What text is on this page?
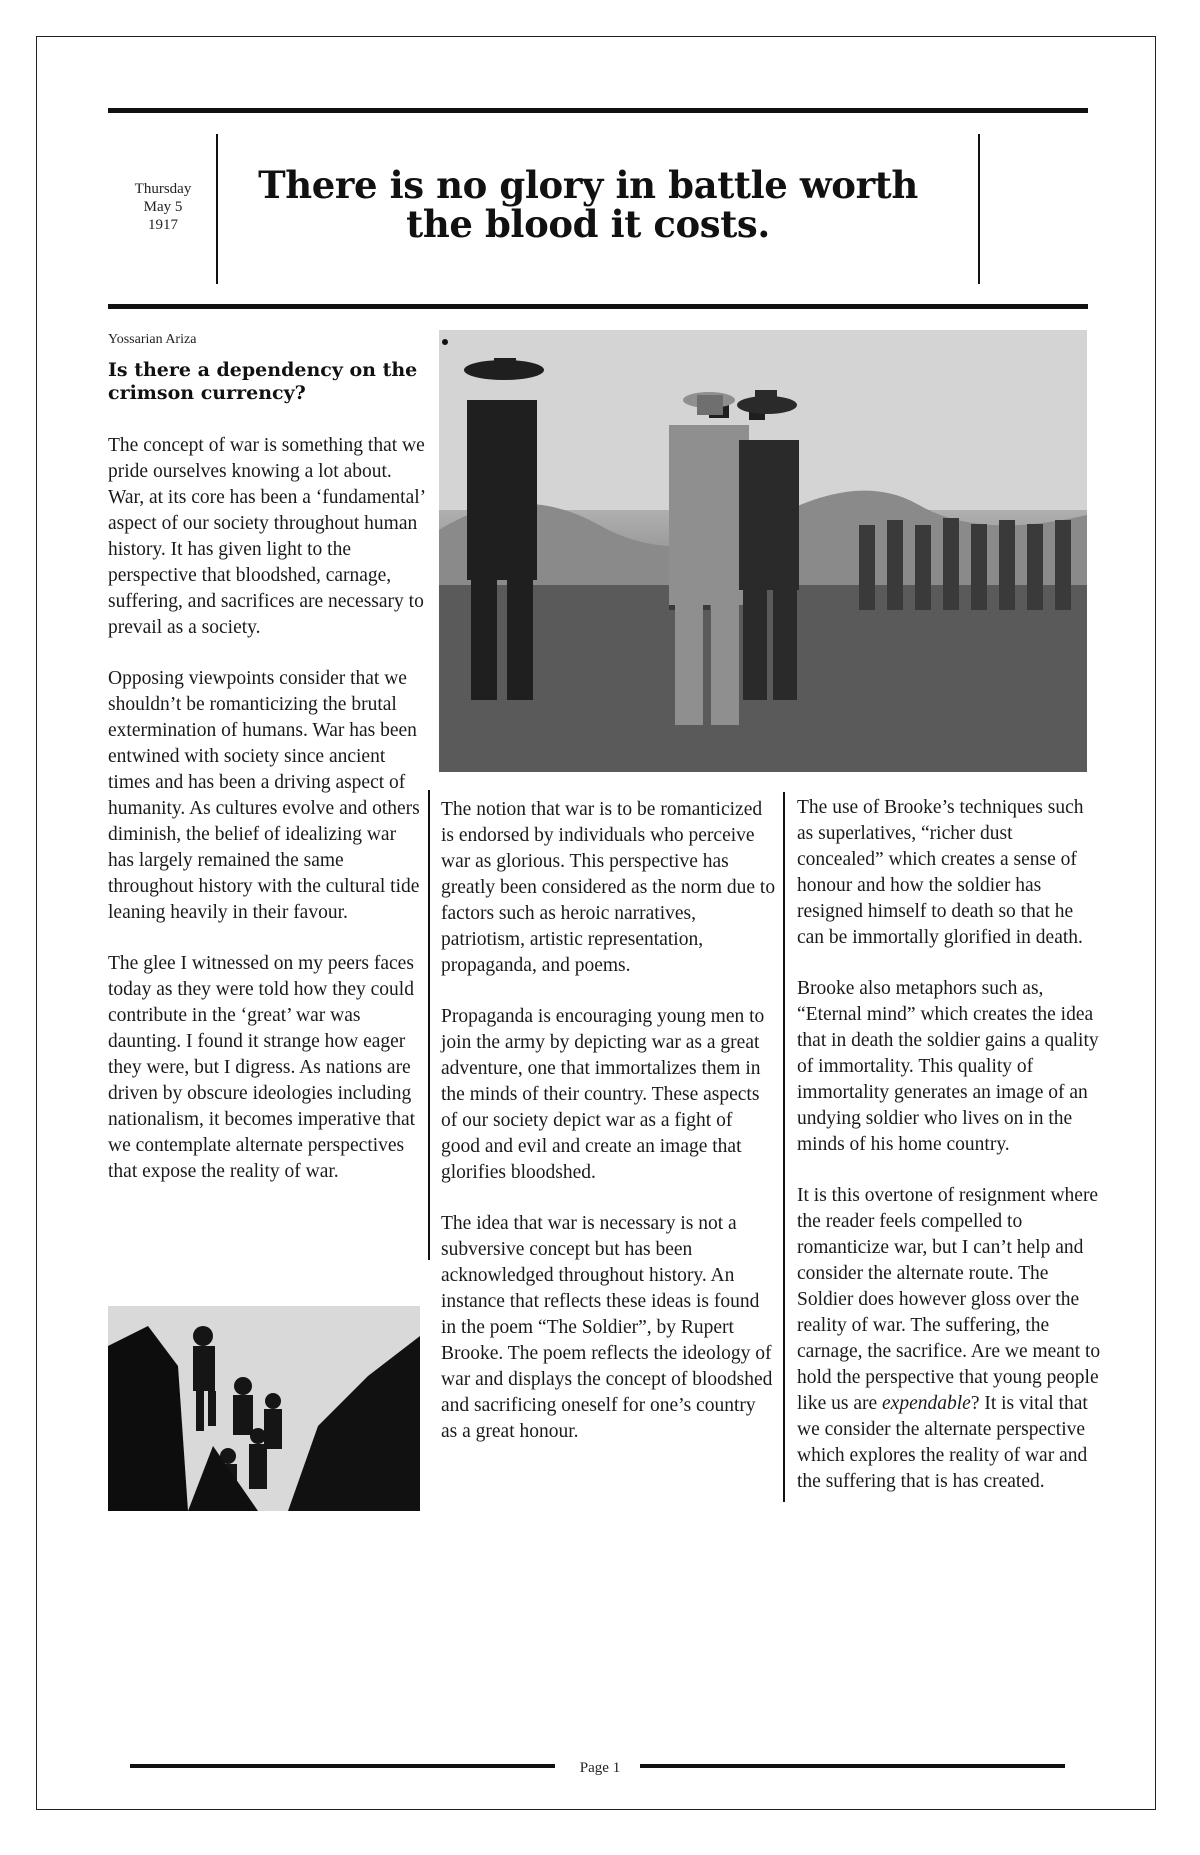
Thursday
May 5
1917
There is no glory in battle worth the blood it costs.
Yossarian Ariza
Is there a dependency on the crimson currency?

The concept of war is something that we pride ourselves knowing a lot about. War, at its core has been a ‘fundamental’ aspect of our society throughout human history. It has given light to the perspective that bloodshed, carnage, suffering, and sacrifices are necessary to prevail as a society.

Opposing viewpoints consider that we shouldn’t be romanticizing the brutal extermination of humans. War has been entwined with society since ancient times and has been a driving aspect of humanity. As cultures evolve and others diminish, the belief of idealizing war has largely remained the same throughout history with the cultural tide leaning heavily in their favour.

The glee I witnessed on my peers faces today as they were told how they could contribute in the ‘great’ war was daunting. I found it strange how eager they were, but I digress. As nations are driven by obscure ideologies including nationalism, it becomes imperative that we contemplate alternate perspectives that expose the reality of war.

The notion that war is to be romanticized is endorsed by individuals who perceive war as glorious. This perspective has greatly been considered as the norm due to factors such as heroic narratives, patriotism, artistic representation, propaganda, and poems.

Propaganda is encouraging young men to join the army by depicting war as a great adventure, one that immortalizes them in the minds of their country. These aspects of our society depict war as a fight of good and evil and create an image that glorifies bloodshed.

The idea that war is necessary is not a subversive concept but has been acknowledged throughout history. An instance that reflects these ideas is found in the poem “The Soldier”, by Rupert Brooke. The poem reflects the ideology of war and displays the concept of bloodshed and sacrificing oneself for one’s country as a great honour.

The use of Brooke’s techniques such as superlatives, “richer dust concealed” which creates a sense of honour and how the soldier has resigned himself to death so that he can be immortally glorified in death.

Brooke also metaphors such as, “Eternal mind” which creates the idea that in death the soldier gains a quality of immortality. This quality of immortality generates an image of an undying soldier who lives on in the minds of his home country.

It is this overtone of resignment where the reader feels compelled to romanticize war, but I can’t help and consider the alternate route. The Soldier does however gloss over the reality of war. The suffering, the carnage, the sacrifice. Are we meant to hold the perspective that young people like us are expendable? It is vital that we consider the alternate perspective which explores the reality of war and the suffering that is has created.

Page 1
